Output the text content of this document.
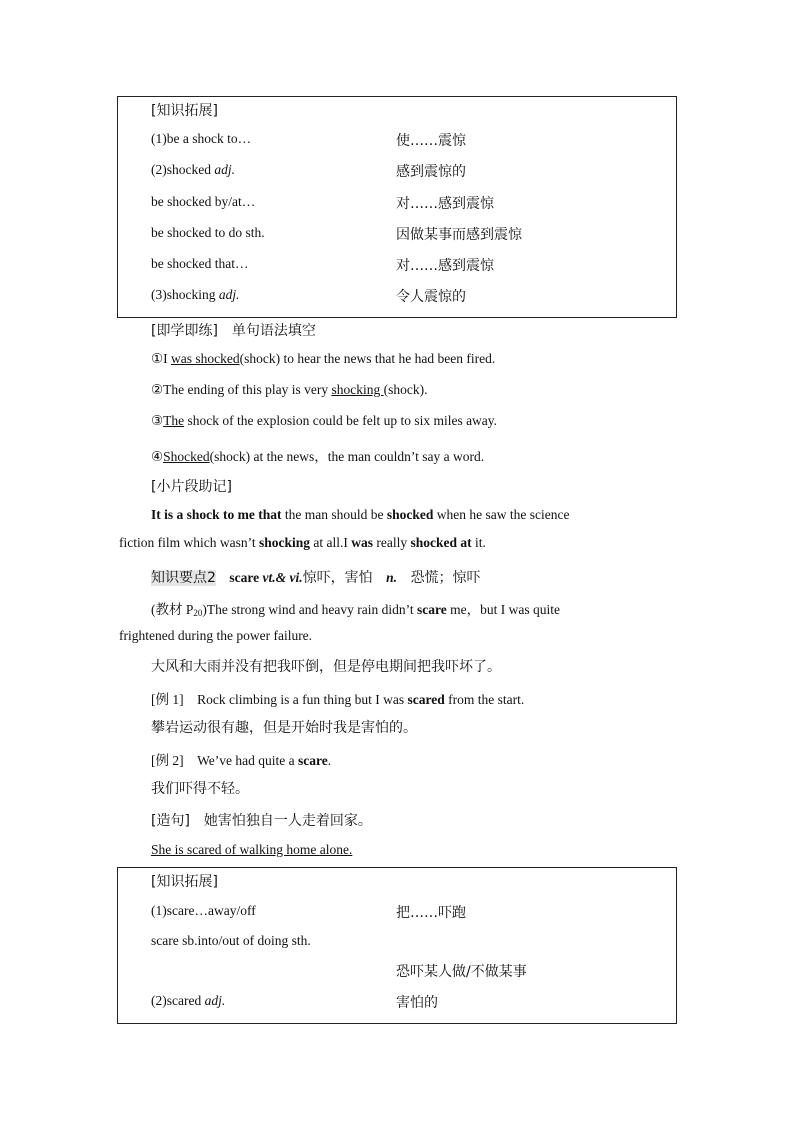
[知识拓展]
(1)be a shock to…	使……震惊
(2)shocked adj.	感到震惊的
be shocked by/at…	对……感到震惊
be shocked to do sth.	因做某事而感到震惊
be shocked that…	对……感到震惊
(3)shocking adj.	令人震惊的
[即学即练]　单句语法填空
①I was shocked(shock) to hear the news that he had been fired.
②The ending of this play is very shocking (shock).
③The shock of the explosion could be felt up to six miles away.
④Shocked(shock) at the news，the man couldn’t say a word.
[小片段助记]
It is a shock to me that the man should be shocked when he saw the science
fiction film which wasn’t shocking at all.I was really shocked at it.
知识要点2　 scare vt.& vi.惊吓，害怕　 n.　 恐慌；惊吓
(教材 $P_{20})The$ strong wind and heavy rain didn’t scare me，but I was quite
frightened during the power failure.
大风和大雨并没有把我吓倒，但是停电期间把我吓坏了。
[例 1]　Rock climbing is a fun thing but I was scared from the start.
攀岩运动很有趣，但是开始时我是害怕的。
[例 2]　We’ve had quite a scare.
我们吓得不轻。
[造句]　她害怕独自一人走着回家。
She is scared of walking home alone.
[知识拓展]
(1)scare…away/off	把……吓跑
scare sb.into/out of doing sth.
恐吓某人做/不做某事
(2)scared adj.	害怕的
